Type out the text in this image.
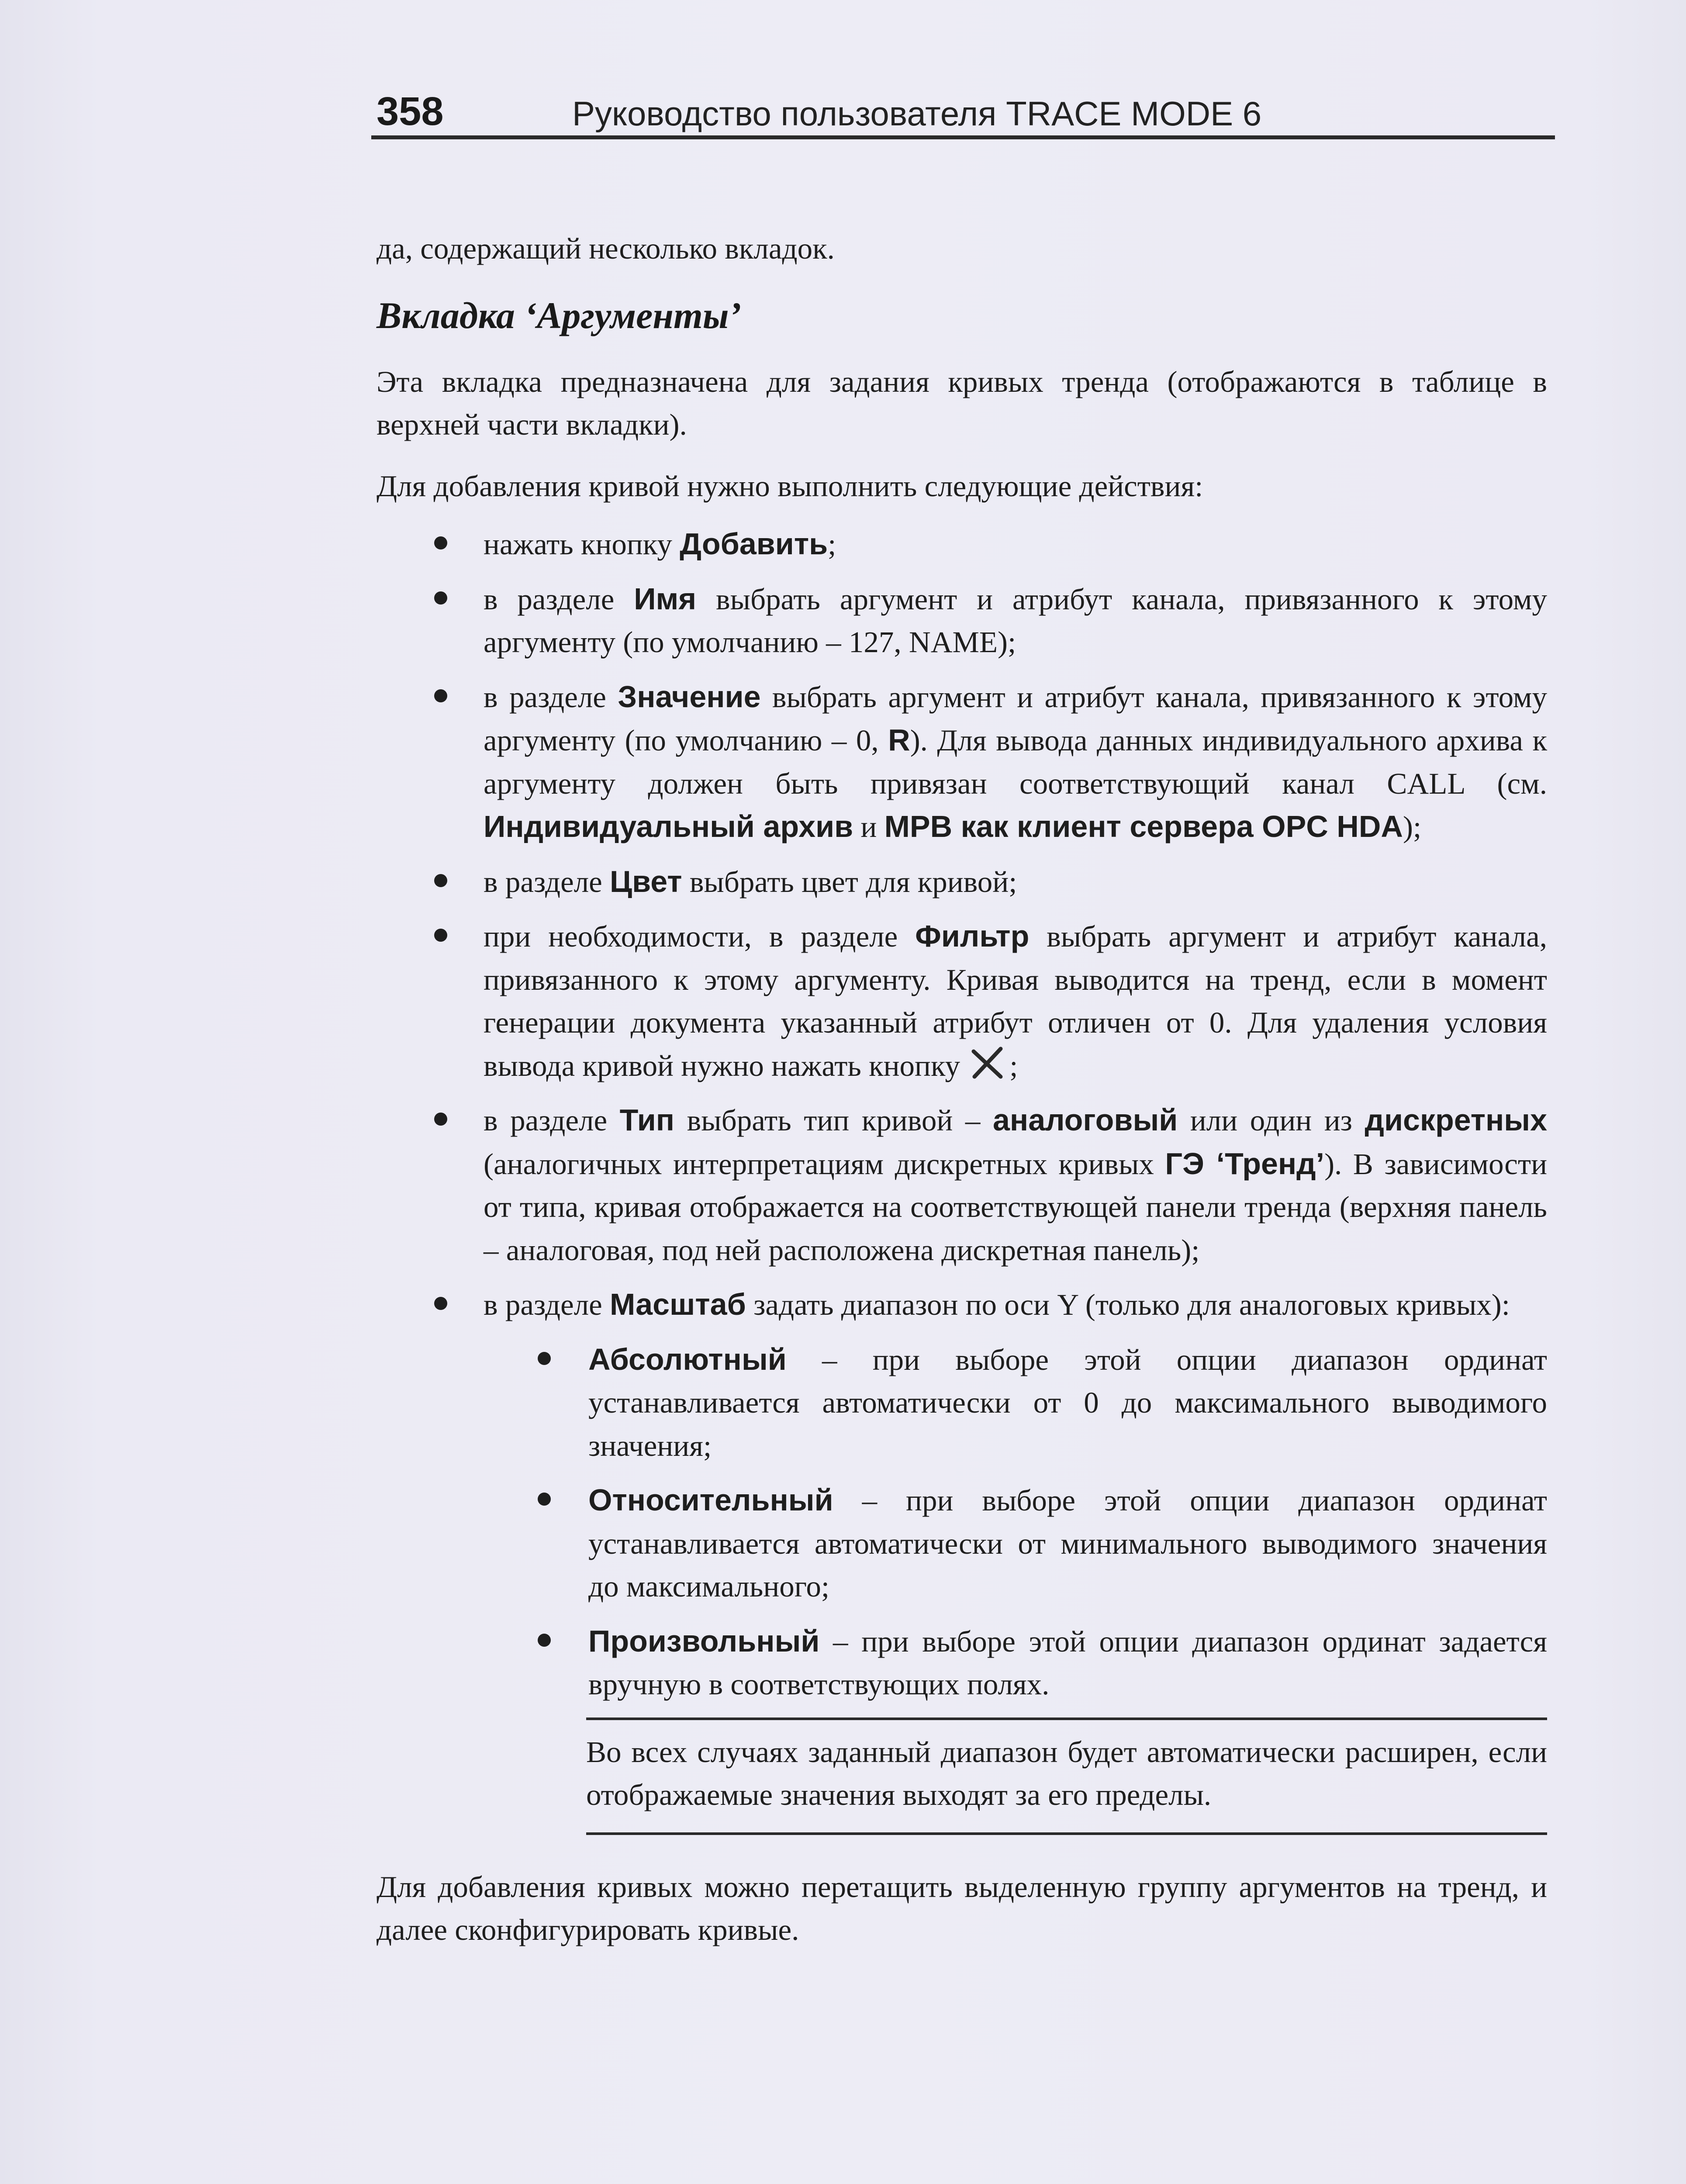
358	Руководство пользователя TRACE MODE 6

да, содержащий несколько вкладок.

Вкладка ‘Аргументы’

Эта вкладка предназначена для задания кривых тренда (отображаются в таблице в верхней части вкладки).

Для добавления кривой нужно выполнить следующие действия:

нажать кнопку Добавить;
в разделе Имя выбрать аргумент и атрибут канала, привязанного к этому аргументу (по умолчанию – 127, NAME);
в разделе Значение выбрать аргумент и атрибут канала, привязанного к этому аргументу (по умолчанию – 0, R). Для вывода данных индивидуального архива к аргументу должен быть привязан соответствующий канал CALL (см. Индивидуальный архив и МРВ как клиент сервера OPC HDA);
в разделе Цвет выбрать цвет для кривой;
при необходимости, в разделе Фильтр выбрать аргумент и атрибут канала, привязанного к этому аргументу. Кривая выводится на тренд, если в момент генерации документа указанный атрибут отличен от 0. Для удаления условия вывода кривой нужно нажать кнопку
;
в разделе Тип выбрать тип кривой – аналоговый или один из дискретных (аналогичных интерпретациям дискретных кривых ГЭ ‘Тренд’). В зависимости от типа, кривая отображается на соответствующей панели тренда (верхняя панель – аналоговая, под ней расположена дискретная панель);
в разделе Масштаб задать диапазон по оси Y (только для аналоговых кривых):
Абсолютный – при выборе этой опции диапазон ординат устанавливается автоматически от 0 до максимального выводимого значения;
Относительный – при выборе этой опции диапазон ординат устанавливается автоматически от минимального выводимого значения до максимального;
Произвольный – при выборе этой опции диапазон ординат задается вручную в соответствующих полях.

Во всех случаях заданный диапазон будет автоматически расширен, если отображаемые значения выходят за его пределы.

Для добавления кривых можно перетащить выделенную группу аргументов на тренд, и далее сконфигурировать кривые.
